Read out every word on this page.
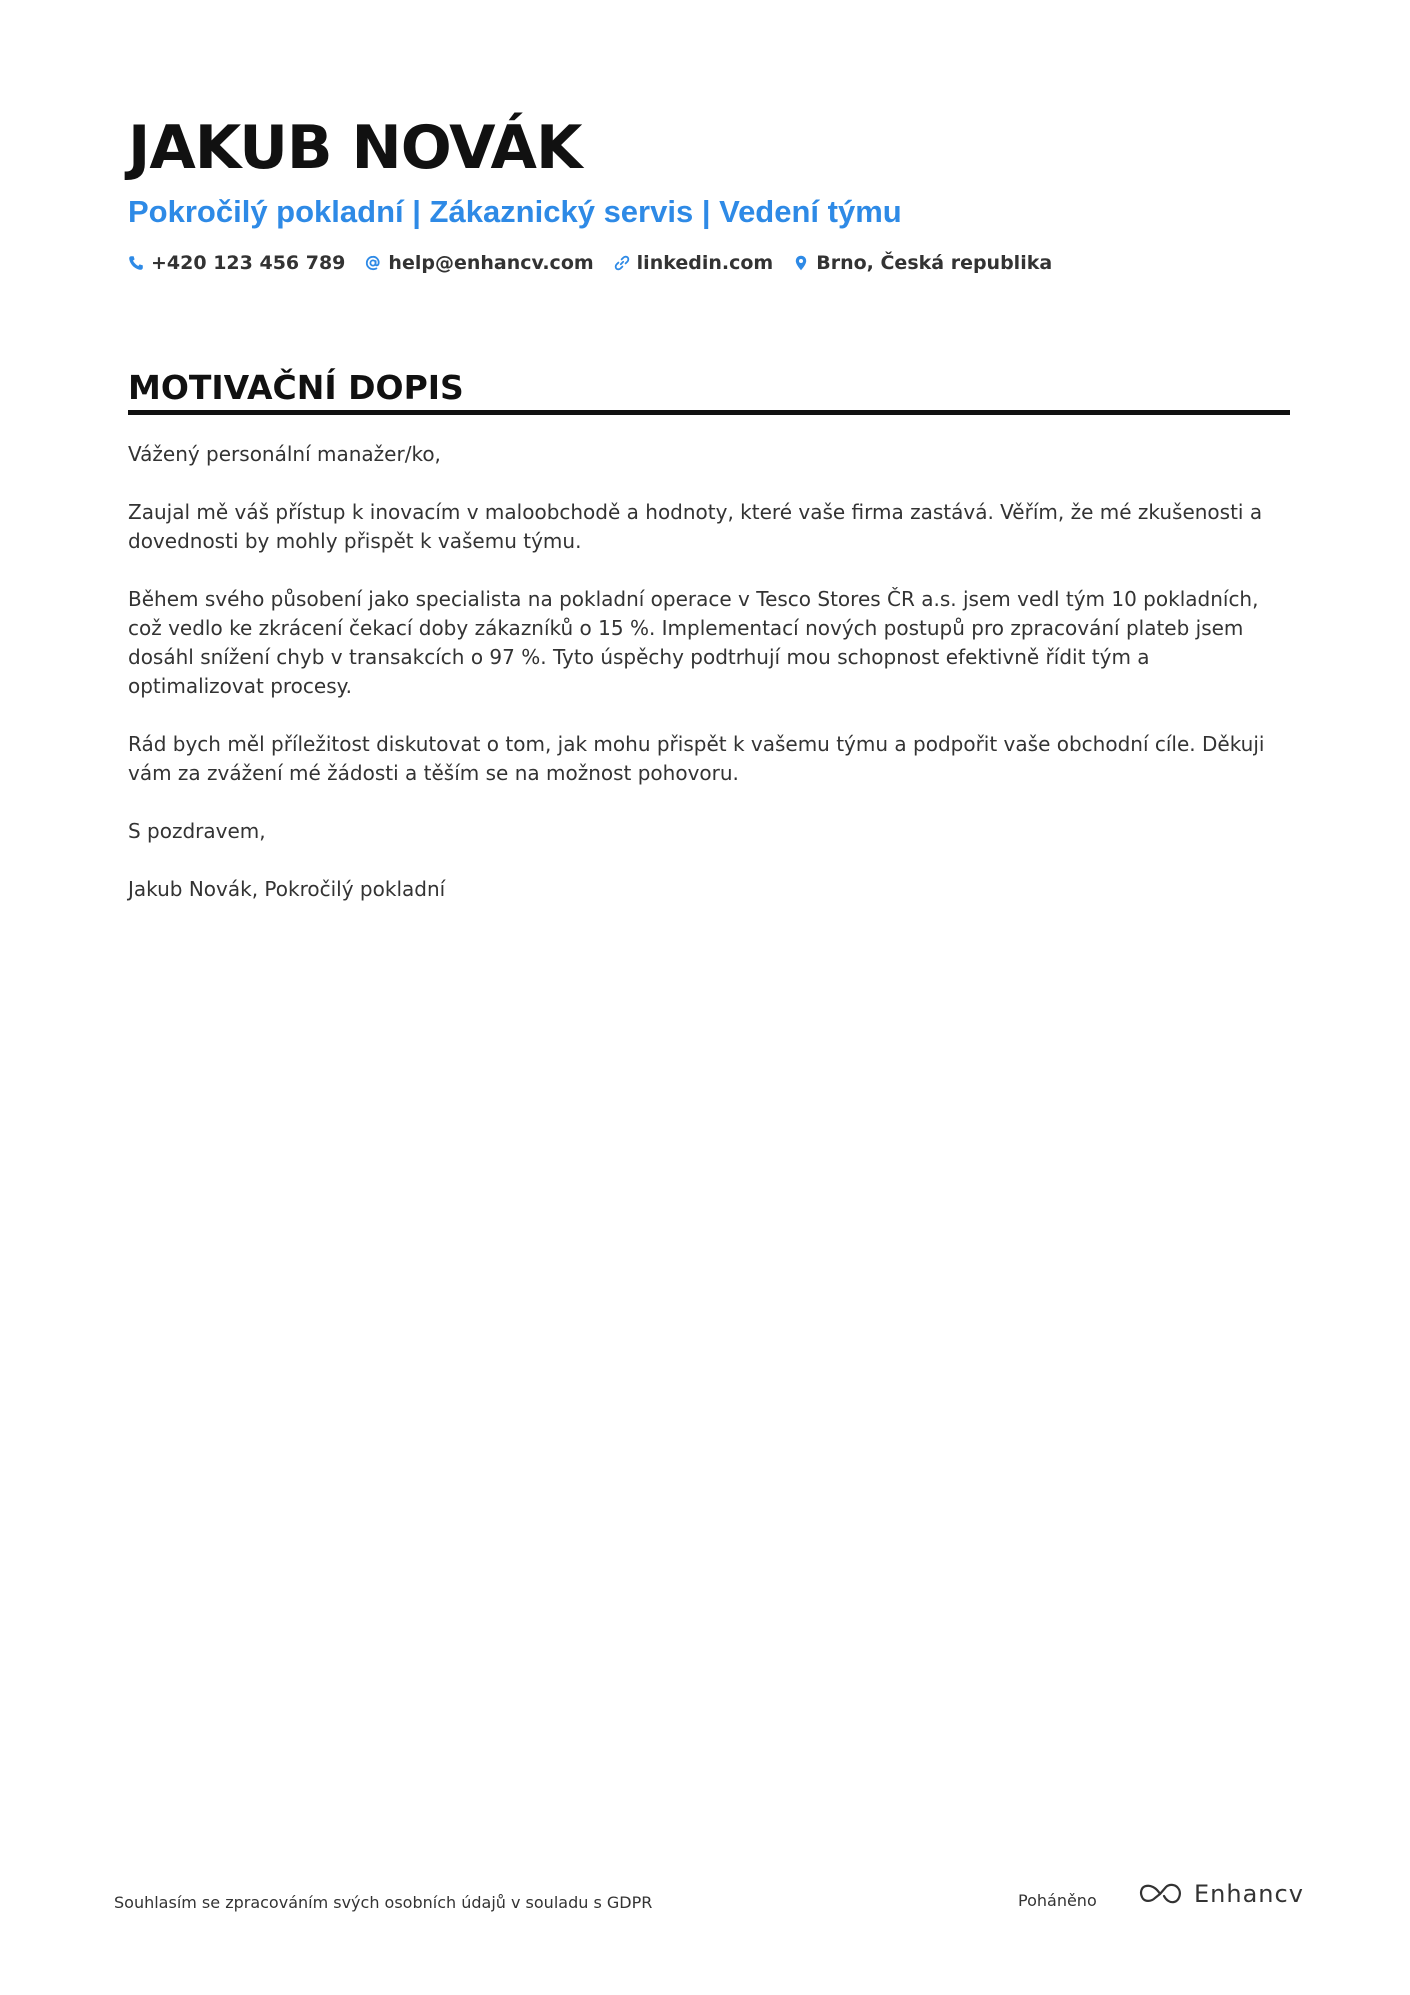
JAKUB NOVÁK
Pokročilý pokladní | Zákaznický servis | Vedení týmu
+420 123 456 789 help@enhancv.com linkedin.com Brno, Česká republika
MOTIVAČNÍ DOPIS

Vážený personální manažer/ko,

Zaujal mě váš přístup k inovacím v maloobchodě a hodnoty, které vaše firma zastává. Věřím, že mé zkušenosti a dovednosti by mohly přispět k vašemu týmu.

Během svého působení jako specialista na pokladní operace v Tesco Stores ČR a.s. jsem vedl tým 10 pokladních, což vedlo ke zkrácení čekací doby zákazníků o 15 %. Implementací nových postupů pro zpracování plateb jsem dosáhl snížení chyb v transakcích o 97 %. Tyto úspěchy podtrhují mou schopnost efektivně řídit tým a optimalizovat procesy.

Rád bych měl příležitost diskutovat o tom, jak mohu přispět k vašemu týmu a podpořit vaše obchodní cíle. Děkuji vám za zvážení mé žádosti a těším se na možnost pohovoru.

S pozdravem,

Jakub Novák, Pokročilý pokladní

Souhlasím se zpracováním svých osobních údajů v souladu s GDPR	Poháněno	Enhancv
